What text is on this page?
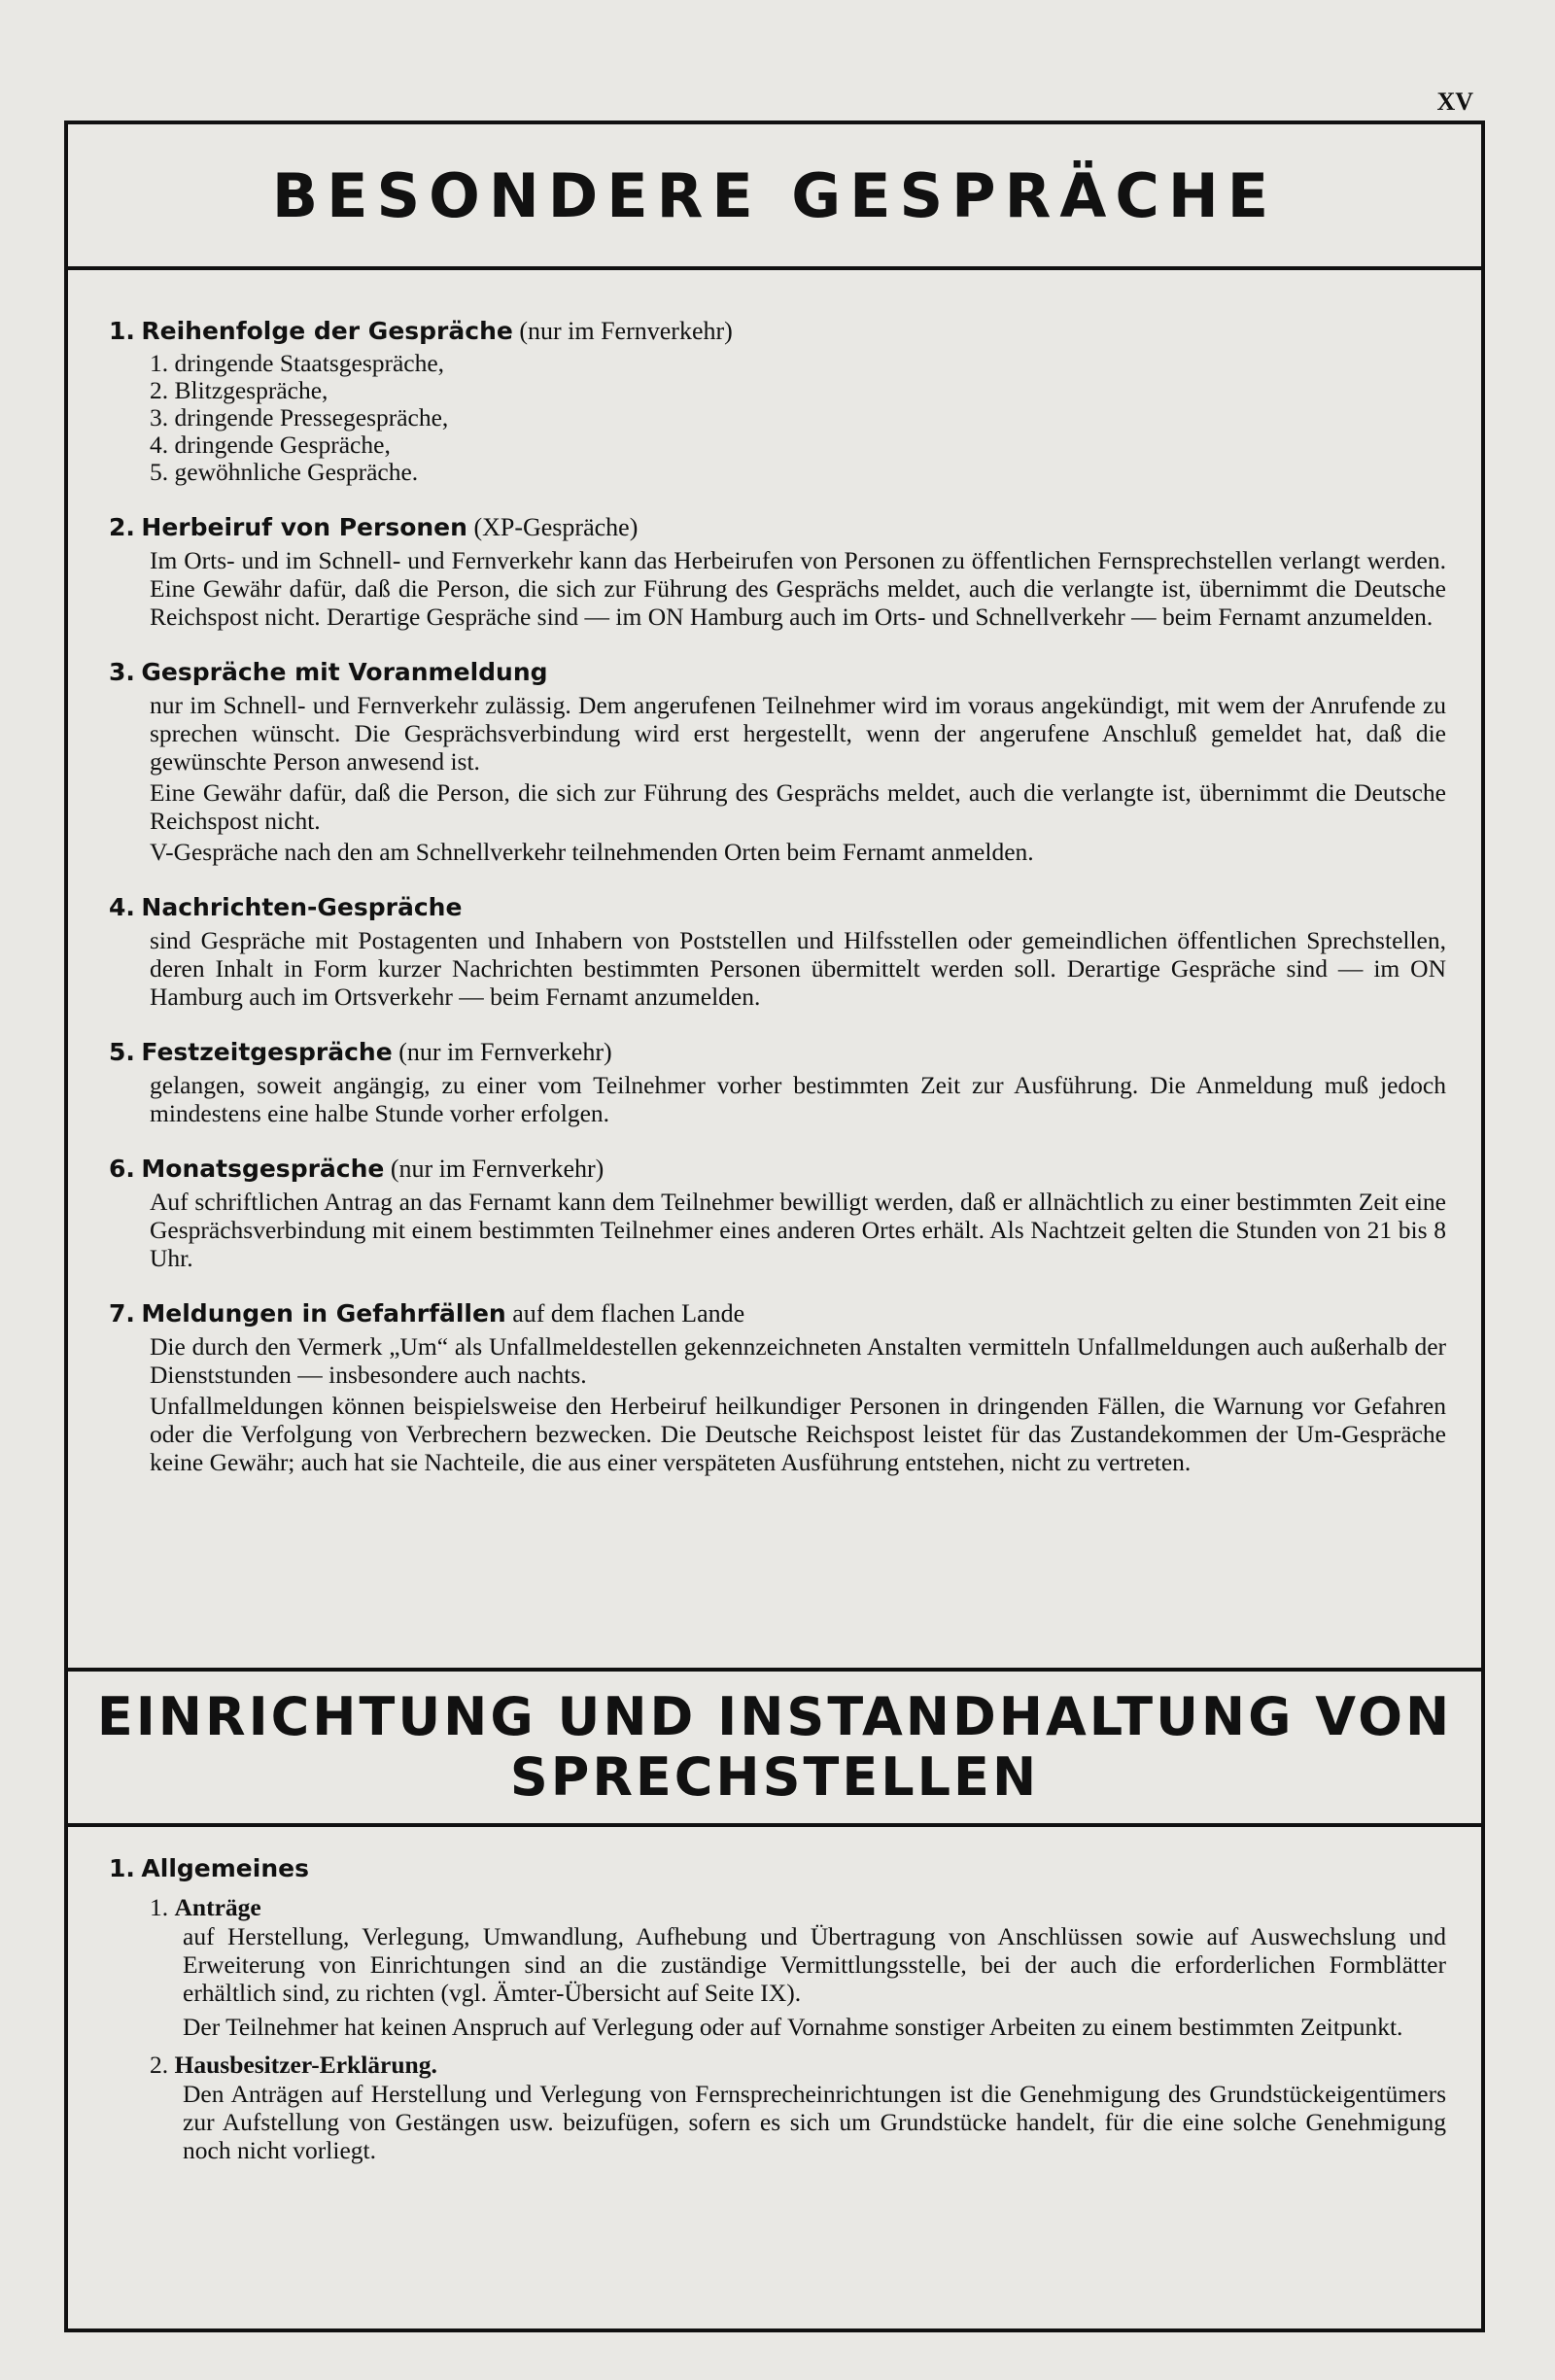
XV
BESONDERE GESPRÄCHE
1. Reihenfolge der Gespräche (nur im Fernverkehr)
1. dringende Staatsgespräche,
2. Blitzgespräche,
3. dringende Pressegespräche,
4. dringende Gespräche,
5. gewöhnliche Gespräche.
2. Herbeiruf von Personen (XP-Gespräche)

Im Orts- und im Schnell- und Fernverkehr kann das Herbeirufen von Personen zu öffentlichen Fernsprechstellen verlangt werden. Eine Gewähr dafür, daß die Person, die sich zur Führung des Gesprächs meldet, auch die verlangte ist, übernimmt die Deutsche Reichspost nicht. Derartige Gespräche sind — im ON Hamburg auch im Orts- und Schnellverkehr — beim Fernamt anzumelden.

3. Gespräche mit Voranmeldung

nur im Schnell- und Fernverkehr zulässig. Dem angerufenen Teilnehmer wird im voraus angekündigt, mit wem der Anrufende zu sprechen wünscht. Die Gesprächsverbindung wird erst hergestellt, wenn der angerufene Anschluß gemeldet hat, daß die gewünschte Person anwesend ist.

Eine Gewähr dafür, daß die Person, die sich zur Führung des Gesprächs meldet, auch die verlangte ist, übernimmt die Deutsche Reichspost nicht.

V-Gespräche nach den am Schnellverkehr teilnehmenden Orten beim Fernamt anmelden.

4. Nachrichten-Gespräche

sind Gespräche mit Postagenten und Inhabern von Poststellen und Hilfsstellen oder gemeindlichen öffentlichen Sprechstellen, deren Inhalt in Form kurzer Nachrichten bestimmten Personen übermittelt werden soll. Derartige Gespräche sind — im ON Hamburg auch im Ortsverkehr — beim Fernamt anzumelden.

5. Festzeitgespräche (nur im Fernverkehr)

gelangen, soweit angängig, zu einer vom Teilnehmer vorher bestimmten Zeit zur Ausführung. Die Anmeldung muß jedoch mindestens eine halbe Stunde vorher erfolgen.

6. Monatsgespräche (nur im Fernverkehr)

Auf schriftlichen Antrag an das Fernamt kann dem Teilnehmer bewilligt werden, daß er allnächtlich zu einer bestimmten Zeit eine Gesprächsverbindung mit einem bestimmten Teilnehmer eines anderen Ortes erhält. Als Nachtzeit gelten die Stunden von 21 bis 8 Uhr.

7. Meldungen in Gefahrfällen auf dem flachen Lande

Die durch den Vermerk „Um“ als Unfallmeldestellen gekennzeichneten Anstalten vermitteln Unfallmeldungen auch außerhalb der Dienststunden — insbesondere auch nachts.

Unfallmeldungen können beispielsweise den Herbeiruf heilkundiger Personen in dringenden Fällen, die Warnung vor Gefahren oder die Verfolgung von Verbrechern bezwecken. Die Deutsche Reichspost leistet für das Zustandekommen der Um-Gespräche keine Gewähr; auch hat sie Nachteile, die aus einer verspäteten Ausführung entstehen, nicht zu vertreten.

EINRICHTUNG UND INSTANDHALTUNG VON
SPRECHSTELLEN
1. Allgemeines
1. Anträge

auf Herstellung, Verlegung, Umwandlung, Aufhebung und Übertragung von Anschlüssen sowie auf Auswechslung und Erweiterung von Einrichtungen sind an die zuständige Vermittlungsstelle, bei der auch die erforderlichen Formblätter erhältlich sind, zu richten (vgl. Ämter-Übersicht auf Seite IX).

Der Teilnehmer hat keinen Anspruch auf Verlegung oder auf Vornahme sonstiger Arbeiten zu einem bestimmten Zeitpunkt.

2. Hausbesitzer-Erklärung.

Den Anträgen auf Herstellung und Verlegung von Fernsprecheinrichtungen ist die Genehmigung des Grundstückeigentümers zur Aufstellung von Gestängen usw. beizufügen, sofern es sich um Grundstücke handelt, für die eine solche Genehmigung noch nicht vorliegt.
